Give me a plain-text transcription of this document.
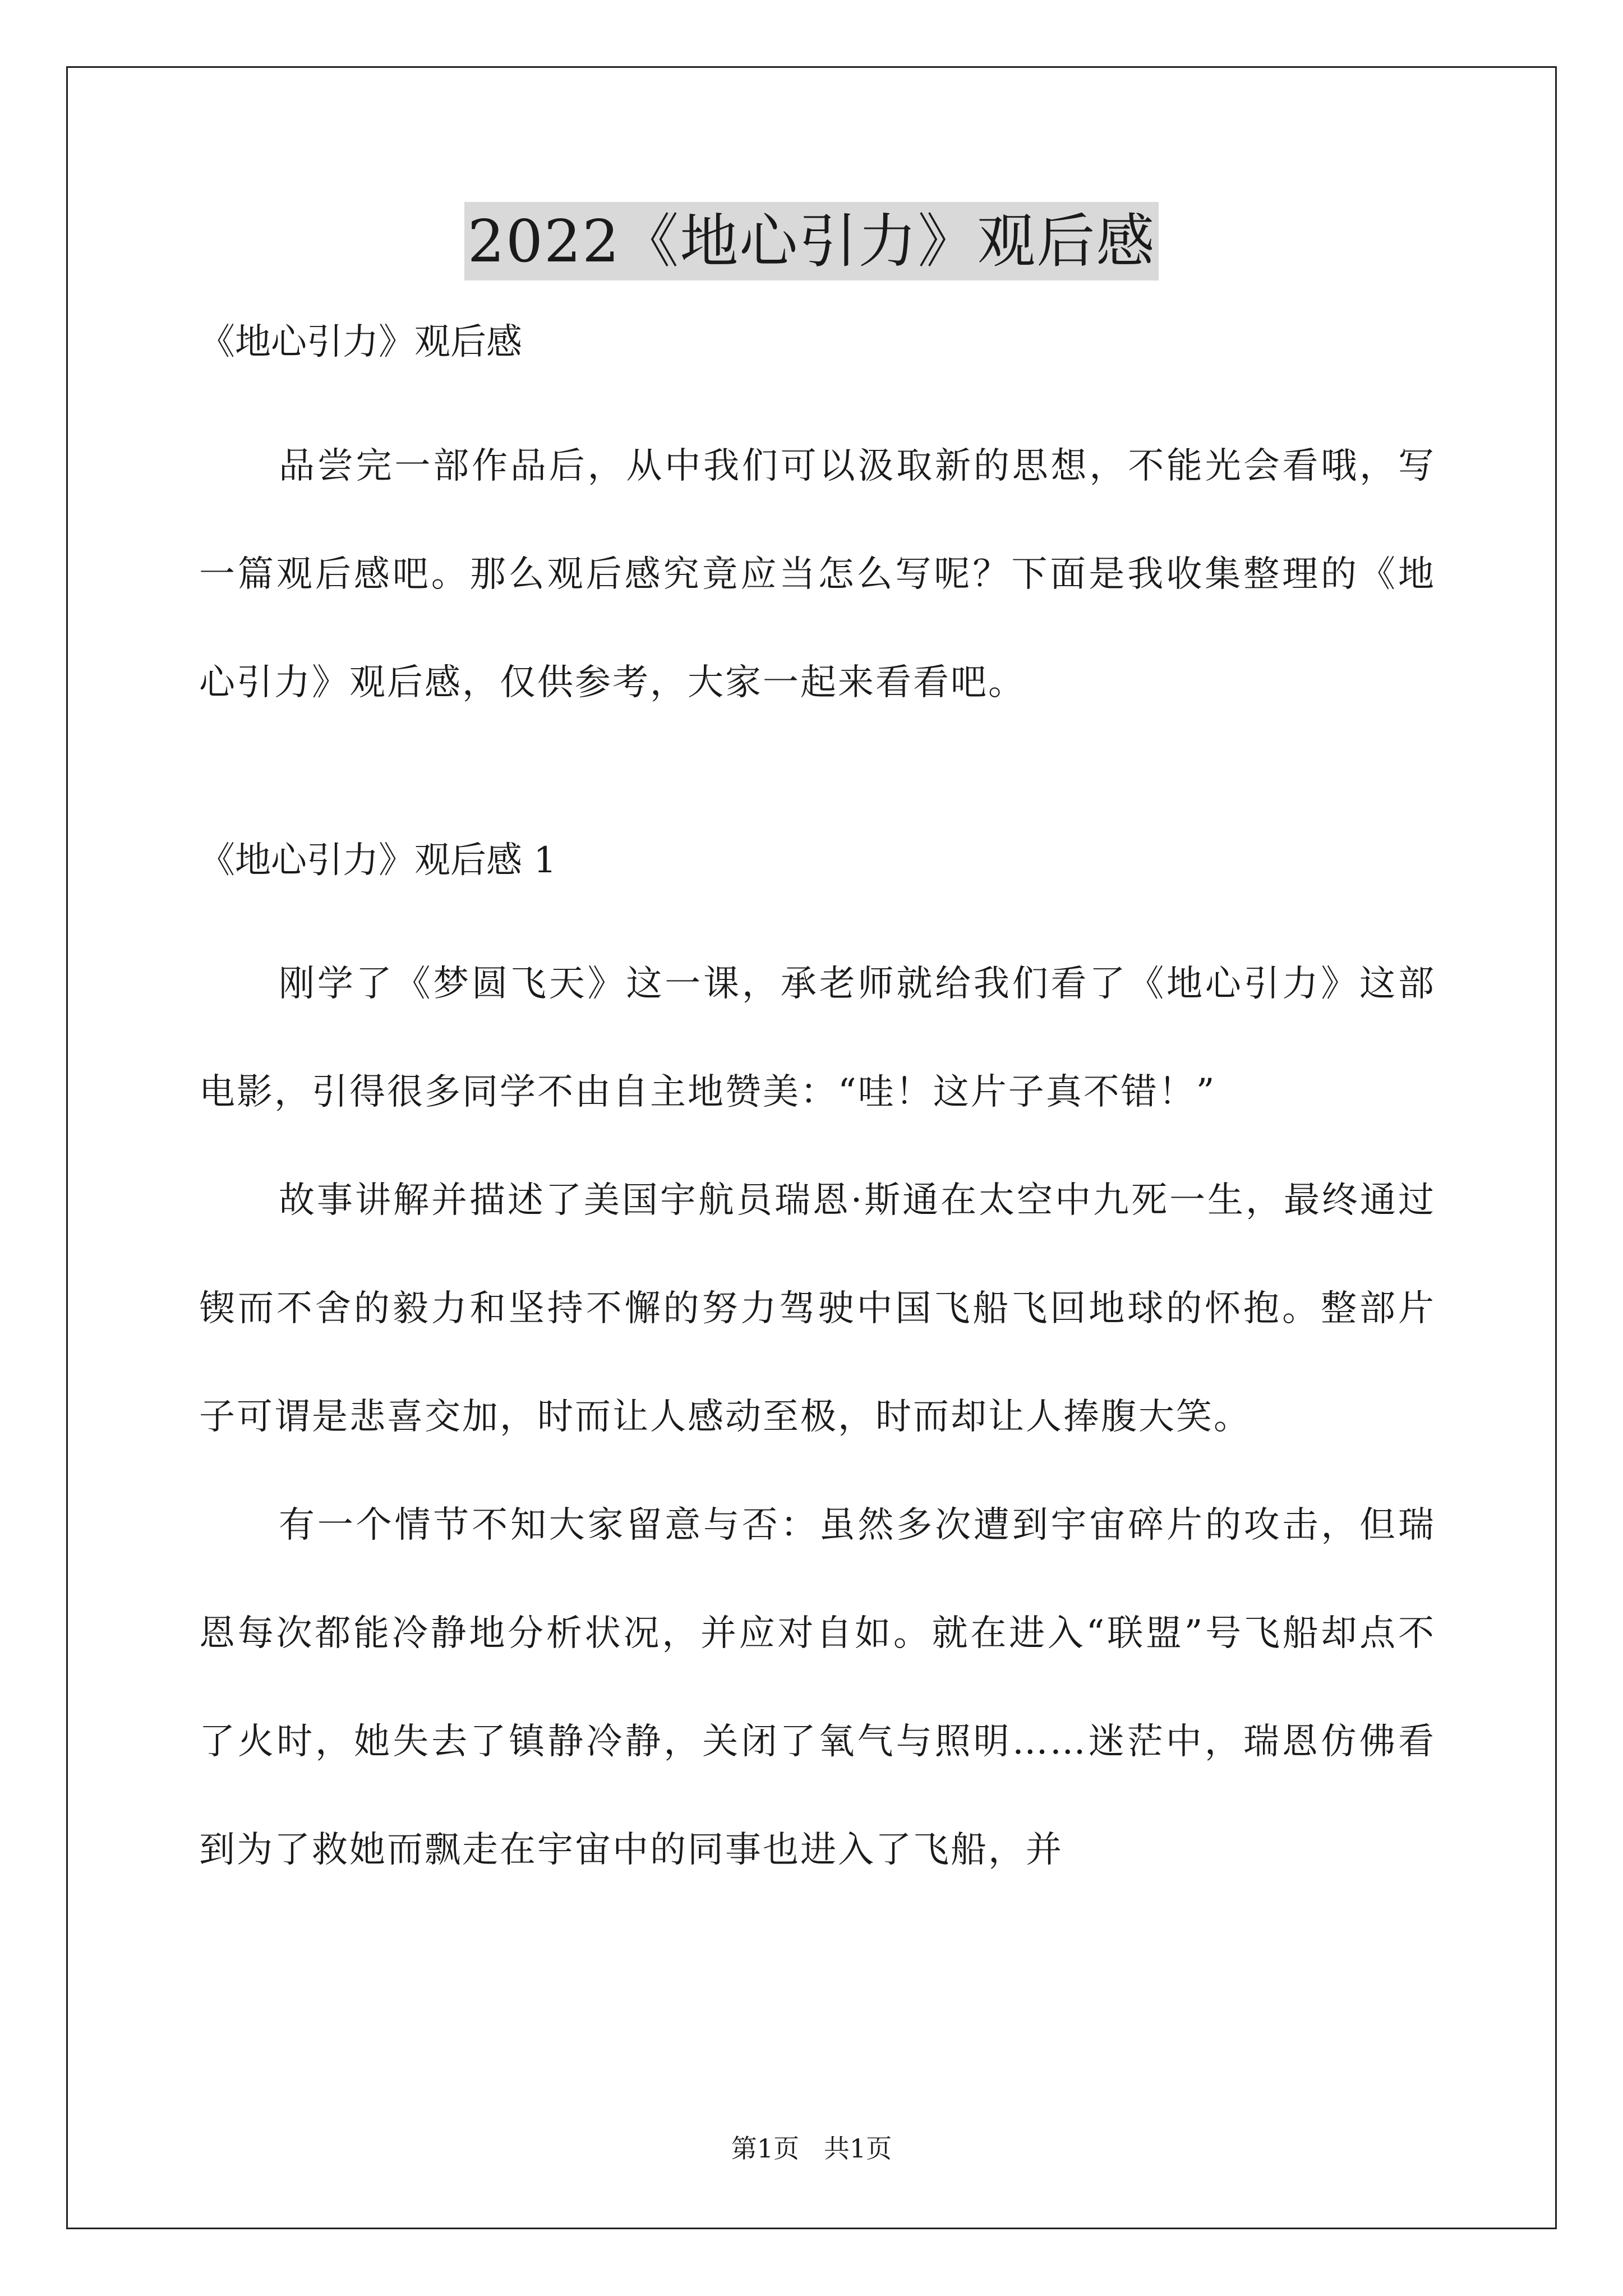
2022《地心引力》观后感

《地心引力》观后感

品尝完一部作品后，从中我们可以汲取新的思想，不能光会看哦，写一篇观后感吧。那么观后感究竟应当怎么写呢？下面是我收集整理的《地心引力》观后感，仅供参考，大家一起来看看吧。

《地心引力》观后感 1

刚学了《梦圆飞天》这一课，承老师就给我们看了《地心引力》这部电影，引得很多同学不由自主地赞美：“哇！这片子真不错！”

故事讲解并描述了美国宇航员瑞恩·斯通在太空中九死一生，最终通过锲而不舍的毅力和坚持不懈的努力驾驶中国飞船飞回地球的怀抱。整部片子可谓是悲喜交加，时而让人感动至极，时而却让人捧腹大笑。

有一个情节不知大家留意与否：虽然多次遭到宇宙碎片的攻击，但瑞恩每次都能冷静地分析状况，并应对自如。就在进入“联盟”号飞船却点不了火时，她失去了镇静冷静，关闭了氧气与照明……迷茫中，瑞恩仿佛看到为了救她而飘走在宇宙中的同事也进入了飞船，并

第1页   共1页
